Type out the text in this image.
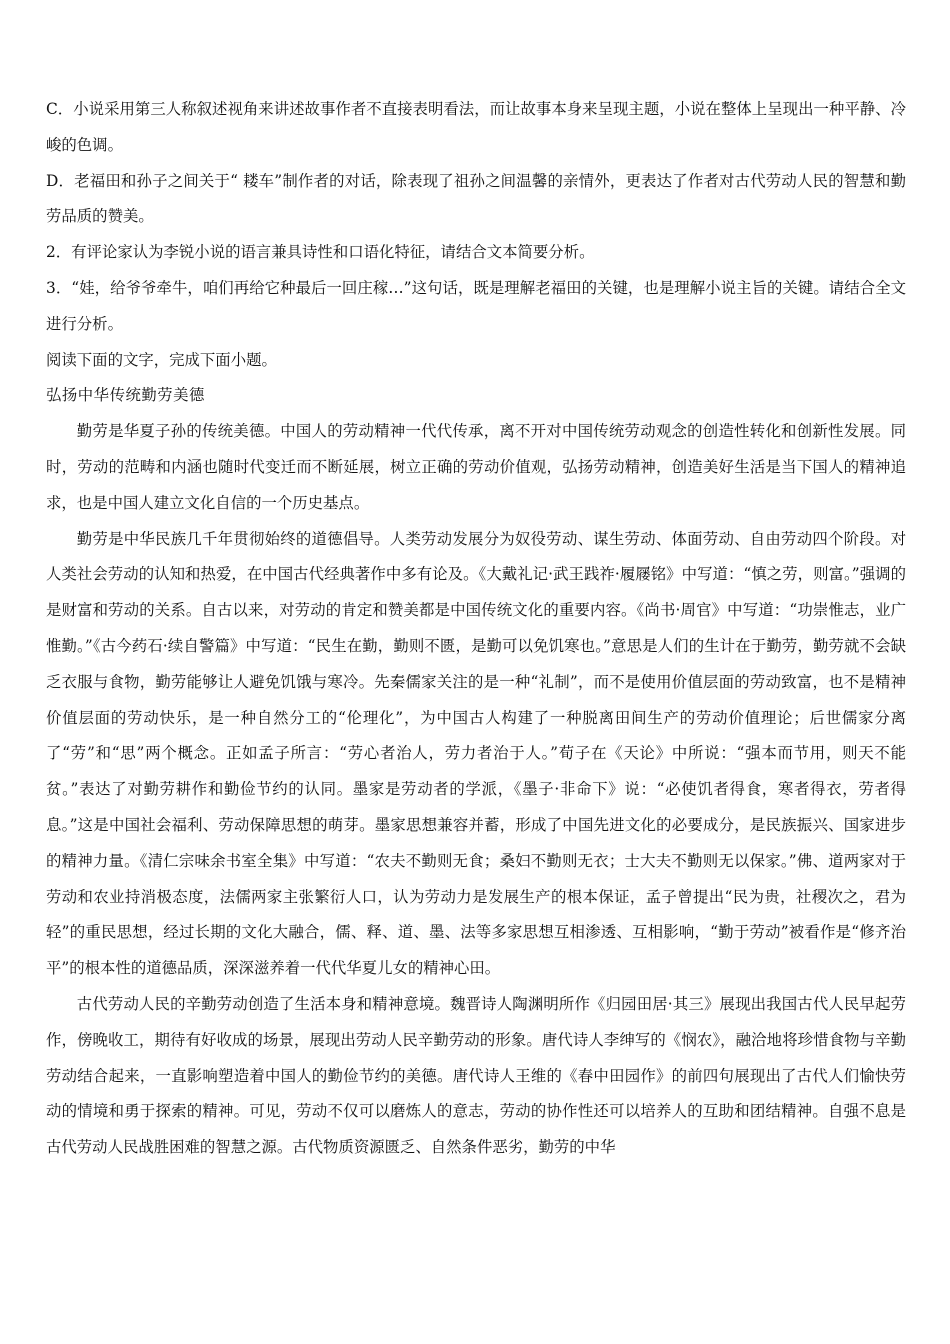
C．小说采用第三人称叙述视角来讲述故事作者不直接表明看法，而让故事本身来呈现主题，小说在整体上呈现出一种平静、冷峻的色调。

D．老福田和孙子之间关于“ 耧车”制作者的对话，除表现了祖孙之间温馨的亲情外，更表达了作者对古代劳动人民的智慧和勤劳品质的赞美。

2．有评论家认为李锐小说的语言兼具诗性和口语化特征，请结合文本简要分析。

3．“娃，给爷爷牵牛，咱们再给它种最后一回庄稼…”这句话，既是理解老福田的关键，也是理解小说主旨的关键。请结合全文进行分析。

阅读下面的文字，完成下面小题。

弘扬中华传统勤劳美德

勤劳是华夏子孙的传统美德。中国人的劳动精神一代代传承，离不开对中国传统劳动观念的创造性转化和创新性发展。同时，劳动的范畴和内涵也随时代变迁而不断延展，树立正确的劳动价值观，弘扬劳动精神，创造美好生活是当下国人的精神追求，也是中国人建立文化自信的一个历史基点。

勤劳是中华民族几千年贯彻始终的道德倡导。人类劳动发展分为奴役劳动、谋生劳动、体面劳动、自由劳动四个阶段。对人类社会劳动的认知和热爱，在中国古代经典著作中多有论及。《大戴礼记·武王践祚·履屦铭》中写道：“慎之劳，则富。”强调的是财富和劳动的关系。自古以来，对劳动的肯定和赞美都是中国传统文化的重要内容。《尚书·周官》中写道：“功崇惟志，业广惟勤。”《古今药石·续自警篇》中写道：“民生在勤，勤则不匮，是勤可以免饥寒也。”意思是人们的生计在于勤劳，勤劳就不会缺乏衣服与食物，勤劳能够让人避免饥饿与寒冷。先秦儒家关注的是一种“礼制”，而不是使用价值层面的劳动致富，也不是精神价值层面的劳动快乐，是一种自然分工的“伦理化”，为中国古人构建了一种脱离田间生产的劳动价值理论；后世儒家分离了“劳”和“思”两个概念。正如孟子所言：“劳心者治人，劳力者治于人。”荀子在《天论》中所说：“强本而节用，则天不能贫。”表达了对勤劳耕作和勤俭节约的认同。墨家是劳动者的学派，《墨子·非命下》说：“必使饥者得食，寒者得衣，劳者得息。”这是中国社会福利、劳动保障思想的萌芽。墨家思想兼容并蓄，形成了中国先进文化的必要成分，是民族振兴、国家进步的精神力量。《清仁宗味余书室全集》中写道：“农夫不勤则无食；桑妇不勤则无衣；士大夫不勤则无以保家。”佛、道两家对于劳动和农业持消极态度，法儒两家主张繁衍人口，认为劳动力是发展生产的根本保证，孟子曾提出“民为贵，社稷次之，君为轻”的重民思想，经过长期的文化大融合，儒、释、道、墨、法等多家思想互相渗透、互相影响，“勤于劳动”被看作是“修齐治平”的根本性的道德品质，深深滋养着一代代华夏儿女的精神心田。

古代劳动人民的辛勤劳动创造了生活本身和精神意境。魏晋诗人陶渊明所作《归园田居·其三》展现出我国古代人民早起劳作，傍晚收工，期待有好收成的场景，展现出劳动人民辛勤劳动的形象。唐代诗人李绅写的《悯农》，融洽地将珍惜食物与辛勤劳动结合起来，一直影响塑造着中国人的勤俭节约的美德。唐代诗人王维的《春中田园作》的前四句展现出了古代人们愉快劳动的情境和勇于探索的精神。可见，劳动不仅可以磨炼人的意志，劳动的协作性还可以培养人的互助和团结精神。自强不息是古代劳动人民战胜困难的智慧之源。古代物质资源匮乏、自然条件恶劣，勤劳的中华
